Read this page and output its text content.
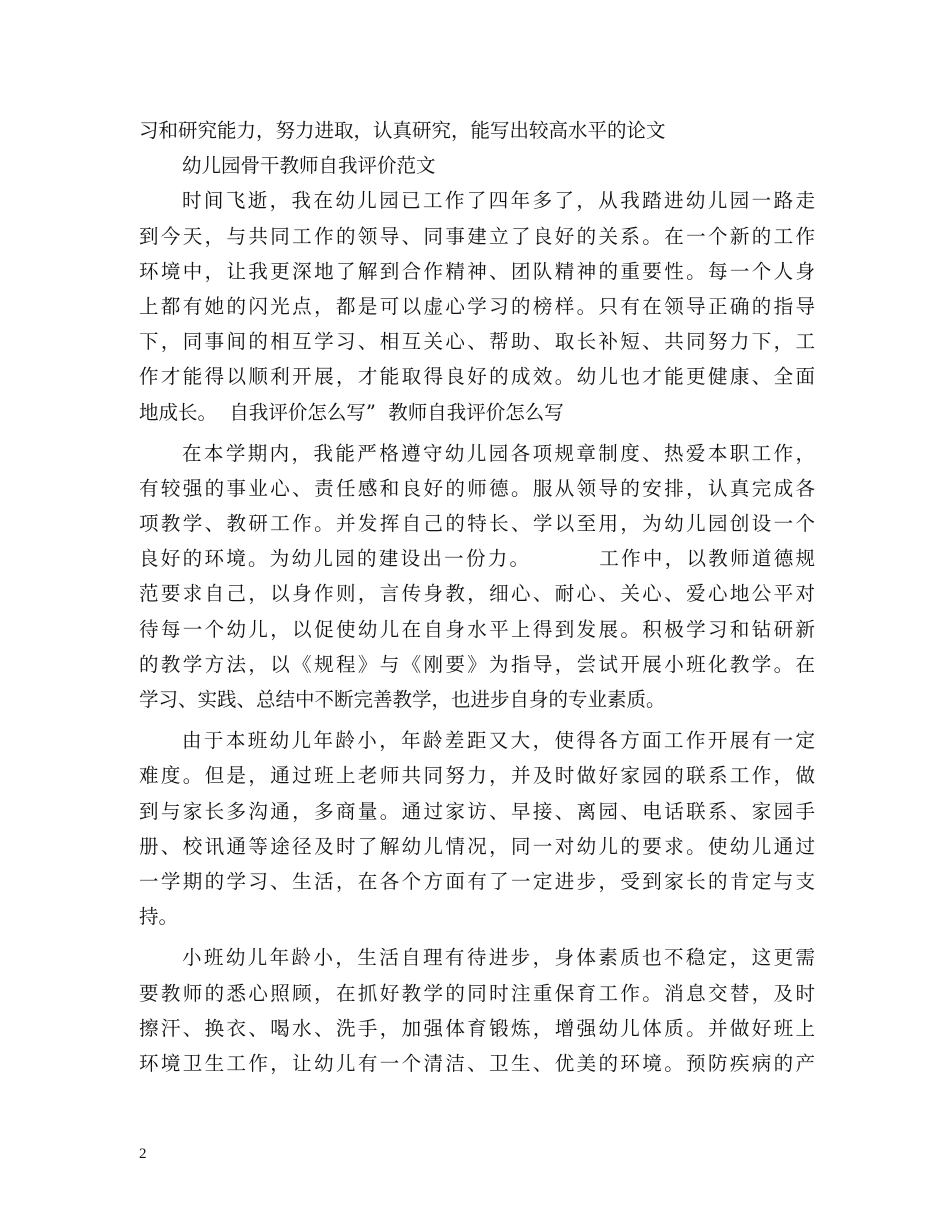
习和研究能力，努力进取，认真研究，能写出较高水平的论文
幼儿园骨干教师自我评价范文
时间飞逝，我在幼儿园已工作了四年多了，从我踏进幼儿园一路走
到今天，与共同工作的领导、同事建立了良好的关系。在一个新的工作
环境中，让我更深地了解到合作精神、团队精神的重要性。每一个人身
上都有她的闪光点，都是可以虚心学习的榜样。只有在领导正确的指导
下，同事间的相互学习、相互关心、帮助、取长补短、共同努力下，工
作才能得以顺利开展，才能取得良好的成效。幼儿也才能更健康、全面
地成长。  自我评价怎么写”  教师自我评价怎么写
在本学期内，我能严格遵守幼儿园各项规章制度、热爱本职工作，
有较强的事业心、责任感和良好的师德。服从领导的安排，认真完成各
项教学、教研工作。并发挥自己的特长、学以至用，为幼儿园创设一个
良好的环境。为幼儿园的建设出一份力。        工作中，以教师道德规
范要求自己，以身作则，言传身教，细心、耐心、关心、爱心地公平对
待每一个幼儿，以促使幼儿在自身水平上得到发展。积极学习和钻研新
的教学方法，以《规程》与《刚要》为指导，尝试开展小班化教学。在
学习、实践、总结中不断完善教学，也进步自身的专业素质。
由于本班幼儿年龄小，年龄差距又大，使得各方面工作开展有一定
难度。但是，通过班上老师共同努力，并及时做好家园的联系工作，做
到与家长多沟通，多商量。通过家访、早接、离园、电话联系、家园手
册、校讯通等途径及时了解幼儿情况，同一对幼儿的要求。使幼儿通过
一学期的学习、生活，在各个方面有了一定进步，受到家长的肯定与支
持。
小班幼儿年龄小，生活自理有待进步，身体素质也不稳定，这更需
要教师的悉心照顾，在抓好教学的同时注重保育工作。消息交替，及时
擦汗、换衣、喝水、洗手，加强体育锻炼，增强幼儿体质。并做好班上
环境卫生工作，让幼儿有一个清洁、卫生、优美的环境。预防疾病的产
2
